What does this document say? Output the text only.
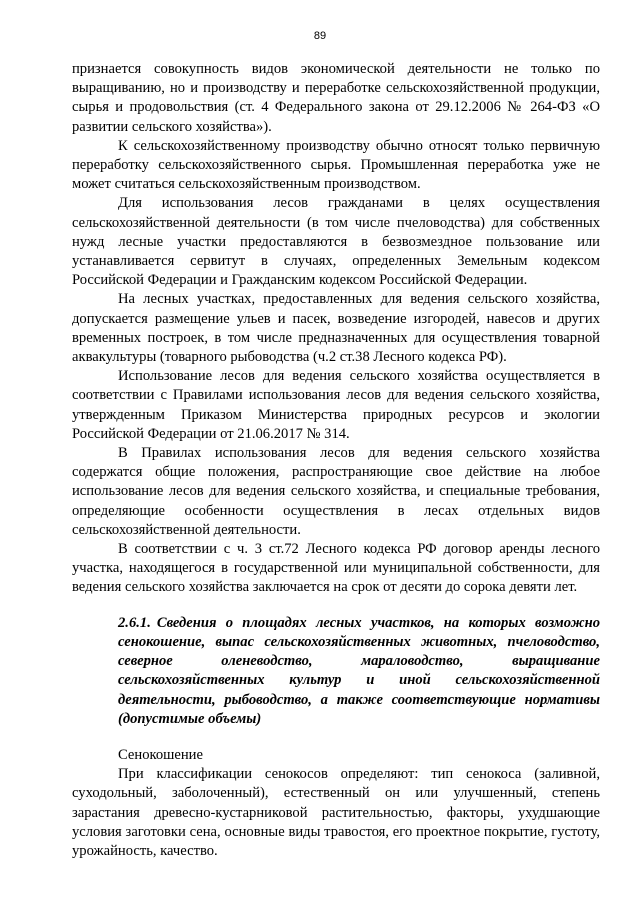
89

признается совокупность видов экономической деятельности не только по выращиванию, но и производству и переработке сельскохозяйственной продукции, сырья и продовольствия (ст. 4 Федерального закона от 29.12.2006 № 264-ФЗ «О развитии сельского хозяйства»).

К сельскохозяйственному производству обычно относят только первичную переработку сельскохозяйственного сырья. Промышленная переработка уже не может считаться сельскохозяйственным производством.

Для использования лесов гражданами в целях осуществления сельскохозяйственной деятельности (в том числе пчеловодства) для собственных нужд лесные участки предоставляются в безвозмездное пользование или устанавливается сервитут в случаях, определенных Земельным кодексом Российской Федерации и Гражданским кодексом Российской Федерации.

На лесных участках, предоставленных для ведения сельского хозяйства, допускается размещение ульев и пасек, возведение изгородей, навесов и других временных построек, в том числе предназначенных для осуществления товарной аквакультуры (товарного рыбоводства (ч.2 ст.38 Лесного кодекса РФ).

Использование лесов для ведения сельского хозяйства осуществляется в соответствии с Правилами использования лесов для ведения сельского хозяйства, утвержденным Приказом Министерства природных ресурсов и экологии Российской Федерации от 21.06.2017 № 314.

В Правилах использования лесов для ведения сельского хозяйства содержатся общие положения, распространяющие свое действие на любое использование лесов для ведения сельского хозяйства, и специальные требования, определяющие особенности осуществления в лесах отдельных видов сельскохозяйственной деятельности.

В соответствии с ч. 3 ст.72 Лесного кодекса РФ договор аренды лесного участка, находящегося в государственной или муниципальной собственности, для ведения сельского хозяйства заключается на срок от десяти до сорока девяти лет.

2.6.1. Сведения о площадях лесных участков, на которых возможно сенокошение, выпас сельскохозяйственных животных, пчеловодство, северное оленеводство, мараловодство, выращивание сельскохозяйственных культур и иной сельскохозяйственной деятельности, рыбоводство, а также соответствующие нормативы (допустимые объемы)

Сенокошение

При классификации сенокосов определяют: тип сенокоса (заливной, суходольный, заболоченный), естественный он или улучшенный, степень зарастания древесно-кустарниковой растительностью, факторы, ухудшающие условия заготовки сена, основные виды травостоя, его проектное покрытие, густоту, урожайность, качество.
